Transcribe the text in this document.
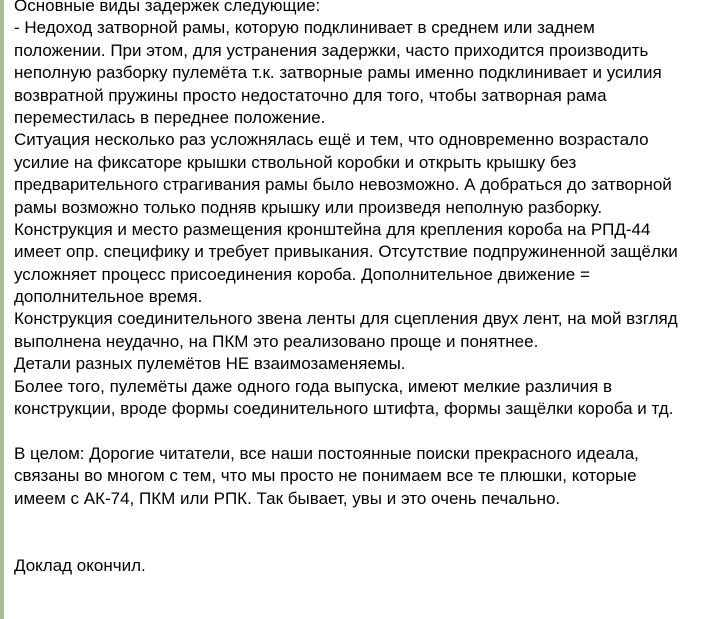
Основные виды задержек следующие:
- Недоход затворной рамы, которую подклинивает в среднем или заднем
положении. При этом, для устранения задержки, часто приходится производить
неполную разборку пулемёта т.к. затворные рамы именно подклинивает и усилия
возвратной пружины просто недостаточно для того, чтобы затворная рама
переместилась в переднее положение.
Ситуация несколько раз усложнялась ещё и тем, что одновременно возрастало
усилие на фиксаторе крышки ствольной коробки и открыть крышку без
предварительного страгивания рамы было невозможно. А добраться до затворной
рамы возможно только подняв крышку или произведя неполную разборку.
Конструкция и место размещения кронштейна для крепления короба на РПД-44
имеет опр. специфику и требует привыкания. Отсутствие подпружиненной защёлки
усложняет процесс присоединения короба. Дополнительное движение =
дополнительное время.
Конструкция соединительного звена ленты для сцепления двух лент, на мой взгляд
выполнена неудачно, на ПКМ это реализовано проще и понятнее.
Детали разных пулемётов НЕ взаимозаменяемы.
Более того, пулемёты даже одного года выпуска, имеют мелкие различия в
конструкции, вроде формы соединительного штифта, формы защёлки короба и тд.
В целом: Дорогие читатели, все наши постоянные поиски прекрасного идеала,
связаны во многом с тем, что мы просто не понимаем все те плюшки, которые
имеем с АК-74, ПКМ или РПК. Так бывает, увы и это очень печально.
Доклад окончил.
